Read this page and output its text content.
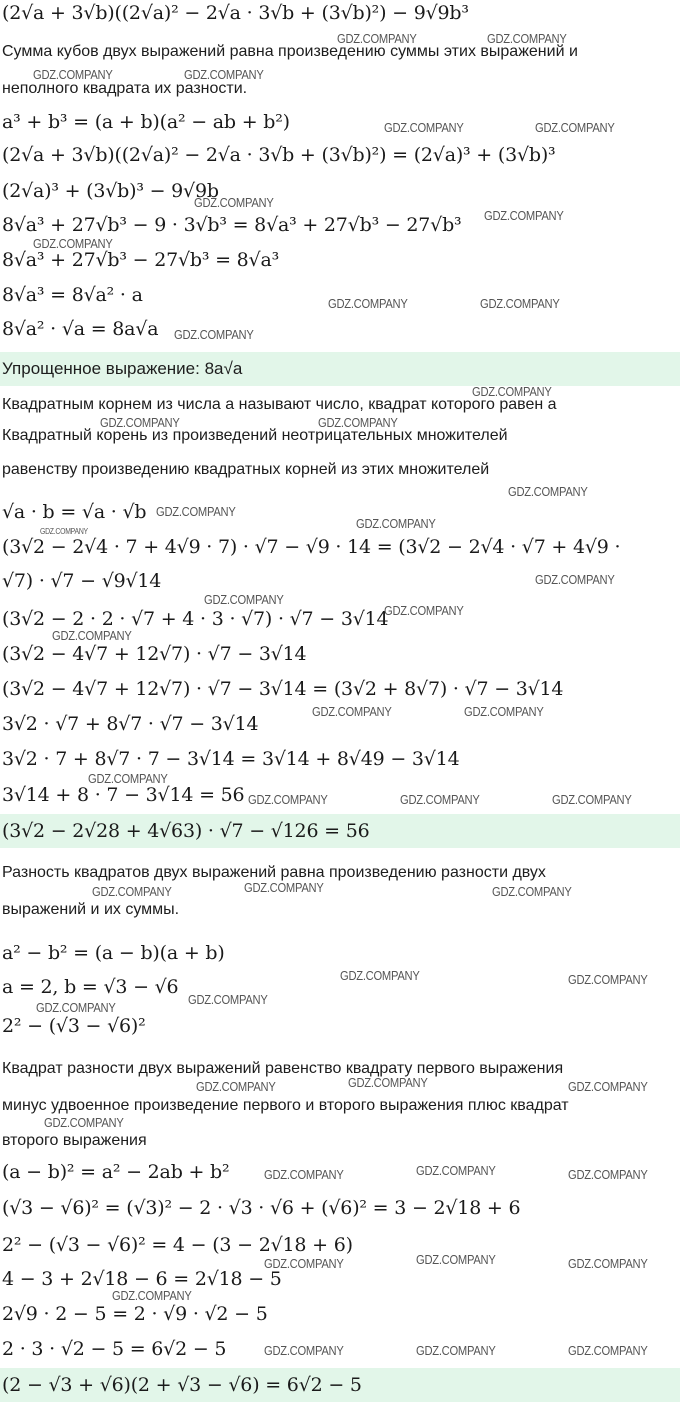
(2√a + 3√b)((2√a)² − 2√a · 3√b + (3√b)²) − 9√9b³
Сумма кубов двух выражений равна произведению суммы этих выражений и
неполного квадрата их разности.
a³ + b³ = (a + b)(a² − ab + b²)
(2√a + 3√b)((2√a)² − 2√a · 3√b + (3√b)²) = (2√a)³ + (3√b)³
(2√a)³ + (3√b)³ − 9√9b
8√a³ + 27√b³ − 9 · 3√b³ = 8√a³ + 27√b³ − 27√b³
8√a³ + 27√b³ − 27√b³ = 8√a³
8√a³ = 8√a² · a
8√a² · √a = 8a√a
Упрощенное выражение: 8a√a
Квадратным корнем из числа a называют число, квадрат которого равен a
Квадратный корень из произведений неотрицательных множителей
равенству произведению квадратных корней из этих множителей
√a · b = √a · √b
(3√2 − 2√4 · 7 + 4√9 · 7) · √7 − √9 · 14 = (3√2 − 2√4 · √7 + 4√9 ·
√7) · √7 − √9√14
(3√2 − 2 · 2 · √7 + 4 · 3 · √7) · √7 − 3√14
(3√2 − 4√7 + 12√7) · √7 − 3√14
(3√2 − 4√7 + 12√7) · √7 − 3√14 = (3√2 + 8√7) · √7 − 3√14
3√2 · √7 + 8√7 · √7 − 3√14
3√2 · 7 + 8√7 · 7 − 3√14 = 3√14 + 8√49 − 3√14
3√14 + 8 · 7 − 3√14 = 56
(3√2 − 2√28 + 4√63) · √7 − √126 = 56
Разность квадратов двух выражений равна произведению разности двух
выражений и их суммы.
a² − b² = (a − b)(a + b)
a = 2, b = √3 − √6
2² − (√3 − √6)²
Квадрат разности двух выражений равенство квадрату первого выражения
минус удвоенное произведение первого и второго выражения плюс квадрат
второго выражения
(a − b)² = a² − 2ab + b²
(√3 − √6)² = (√3)² − 2 · √3 · √6 + (√6)² = 3 − 2√18 + 6
2² − (√3 − √6)² = 4 − (3 − 2√18 + 6)
4 − 3 + 2√18 − 6 = 2√18 − 5
2√9 · 2 − 5 = 2 · √9 · √2 − 5
2 · 3 · √2 − 5 = 6√2 − 5
(2 − √3 + √6)(2 + √3 − √6) = 6√2 − 5
GDZ.COMPANY	GDZ.COMPANY
GDZ.COMPANY	GDZ.COMPANY
GDZ.COMPANY	GDZ.COMPANY
GDZ.COMPANY
GDZ.COMPANY
GDZ.COMPANY
GDZ.COMPANY	GDZ.COMPANY
GDZ.COMPANY
GDZ.COMPANY
GDZ.COMPANY	GDZ.COMPANY
GDZ.COMPANY
GDZ.COMPANY
GDZ.COMPANY
GDZ.COMPANY
GDZ.COMPANY
GDZ.COMPANY
GDZ.COMPANY
GDZ.COMPANY	GDZ.COMPANY
GDZ.COMPANY
GDZ.COMPANY	GDZ.COMPANY	GDZ.COMPANY
GDZ.COMPANY	GDZ.COMPANY	GDZ.COMPANY
GDZ.COMPANY	GDZ.COMPANY
GDZ.COMPANY
GDZ.COMPANY
GDZ.COMPANY	GDZ.COMPANY	GDZ.COMPANY
GDZ.COMPANY
GDZ.COMPANY	GDZ.COMPANY	GDZ.COMPANY
GDZ.COMPANY
GDZ.COMPANY	GDZ.COMPANY
GDZ.COMPANY
GDZ.COMPANY	GDZ.COMPANY	GDZ.COMPANY
GDZ.COMPANY
